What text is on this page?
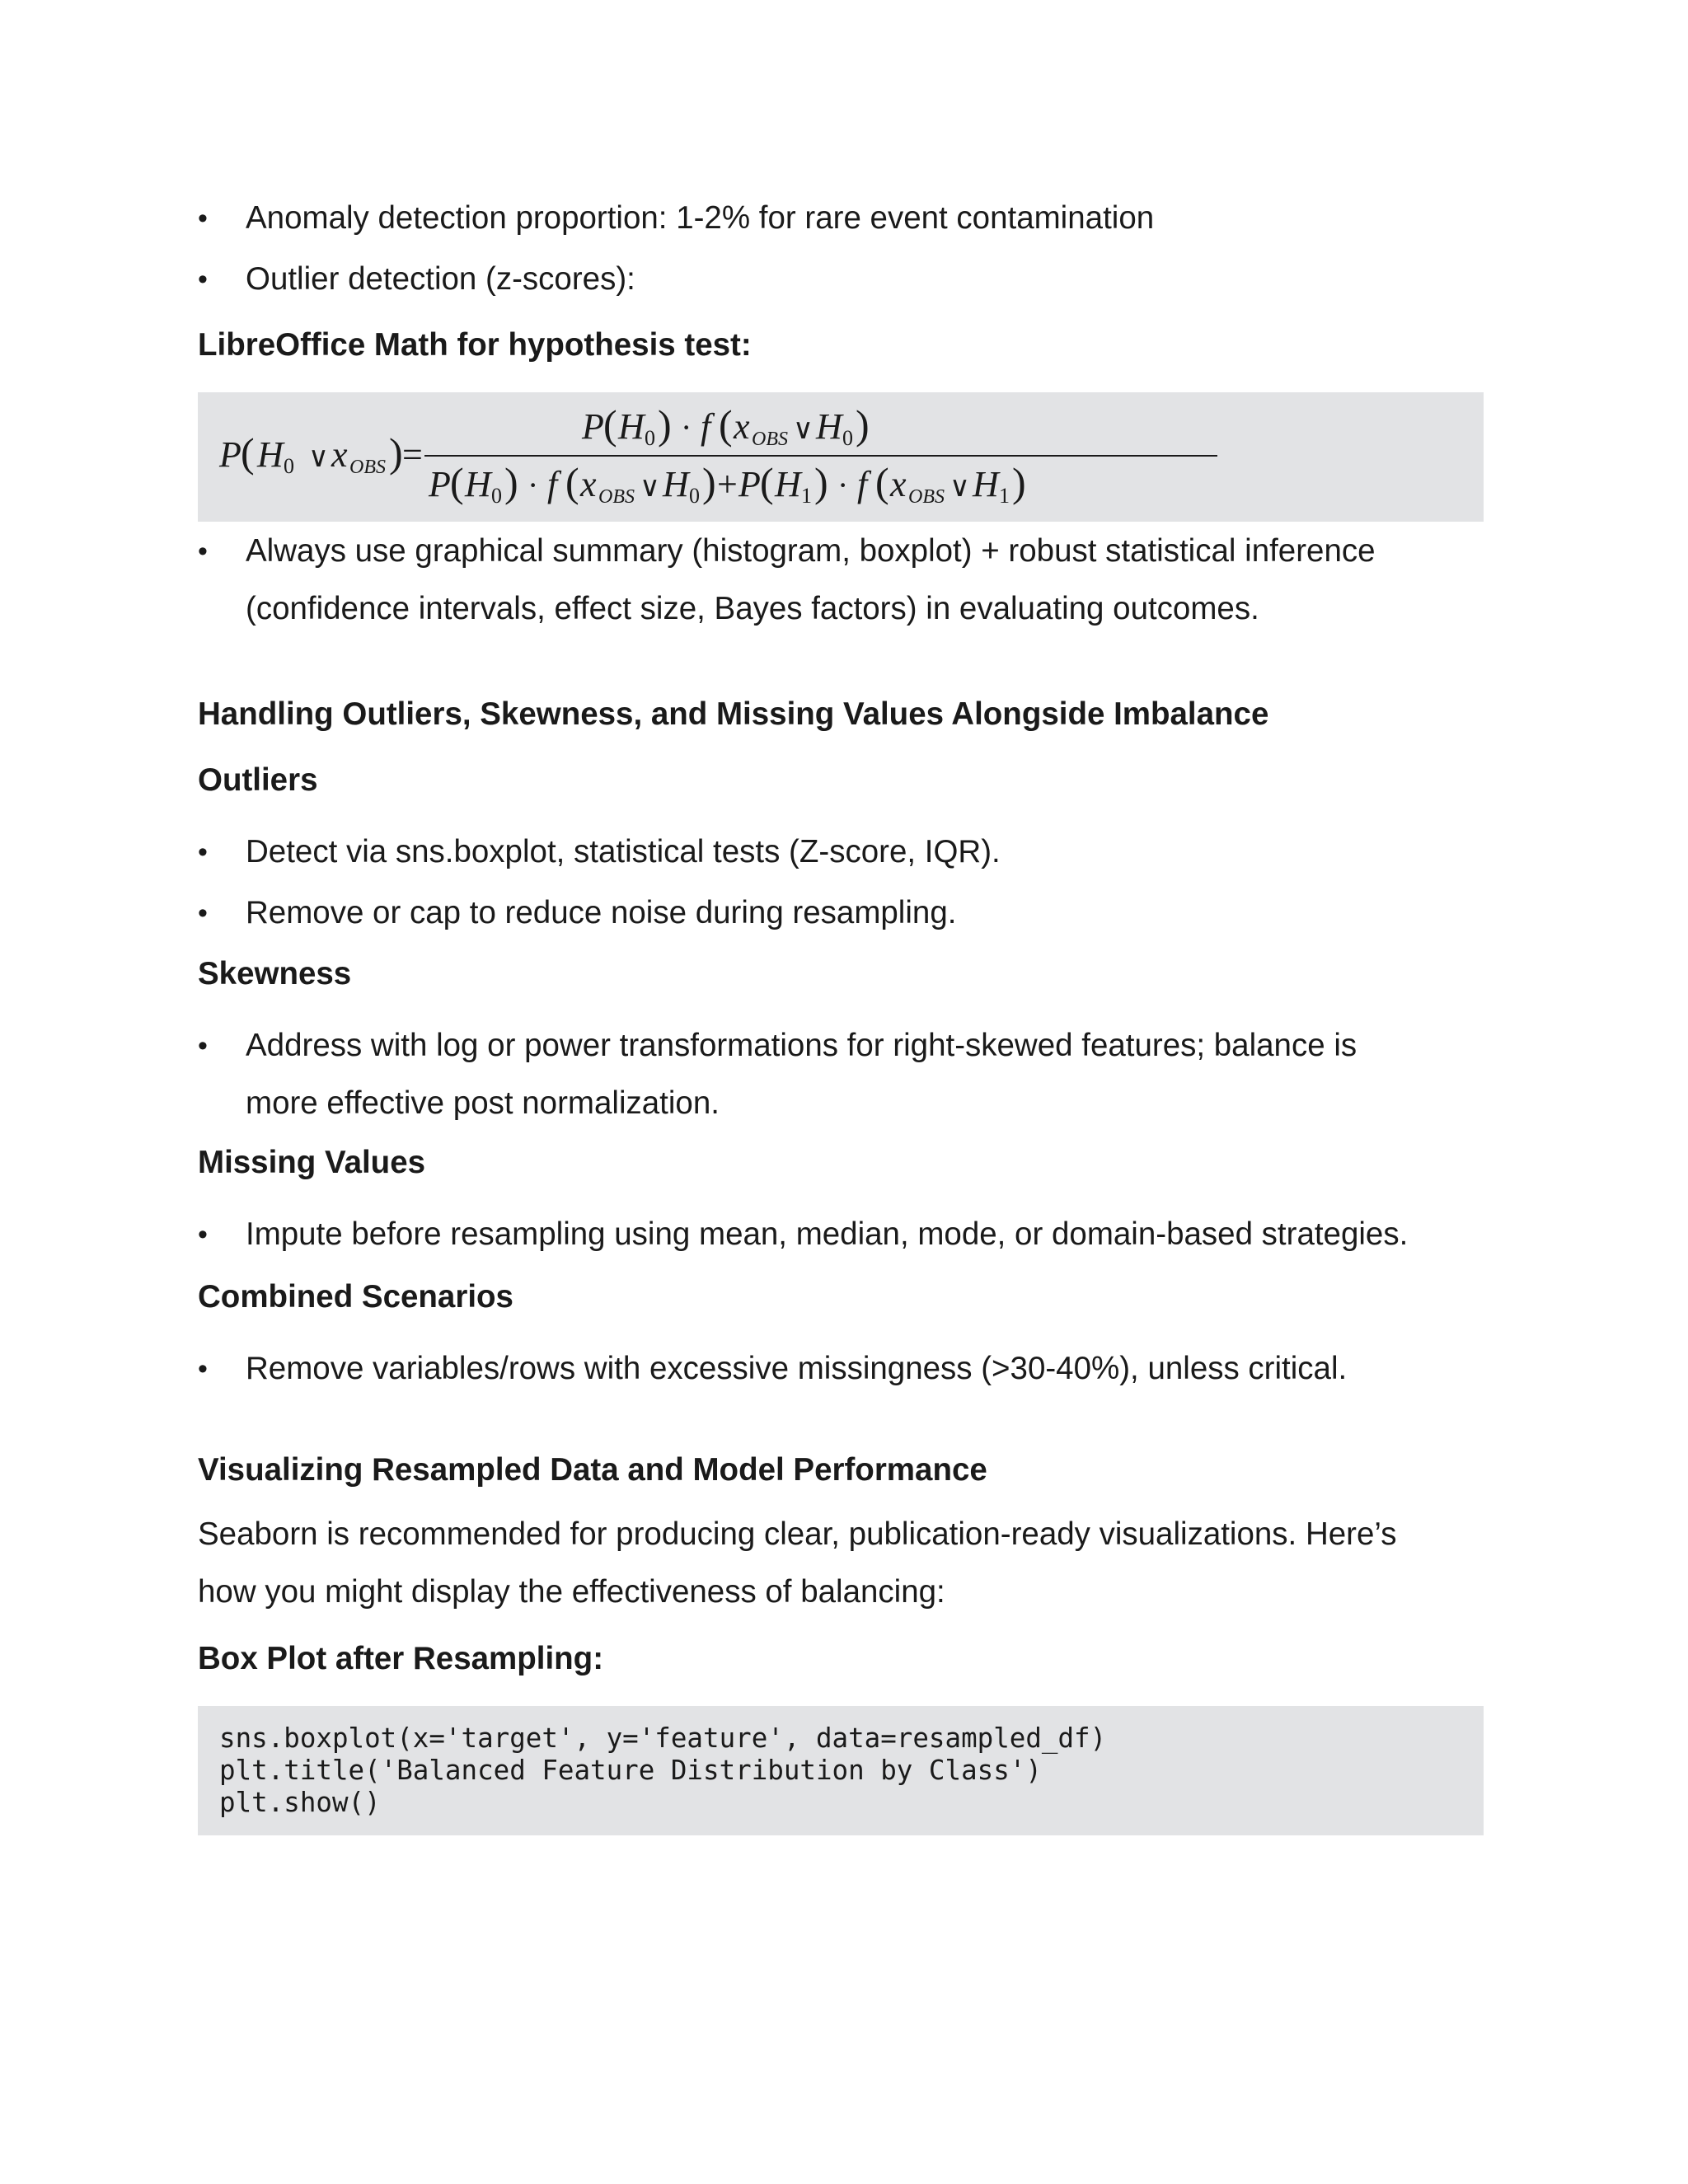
• Anomaly detection proportion: 1-2% for rare event contamination
• Outlier detection (z-scores):
LibreOffice Math for hypothesis test:
P ( H 0 ∨ x OBS ) =
P ( H 0 ) · f ( x OBS ∨ H 0 )
P ( H 0 ) · f ( x OBS ∨ H 0 ) + P ( H 1 ) · f ( x OBS ∨ H 1 )
• Always use graphical summary (histogram, boxplot) + robust statistical inference
(confidence intervals, effect size, Bayes factors) in evaluating outcomes.
Handling Outliers, Skewness, and Missing Values Alongside Imbalance
Outliers
• Detect via sns.boxplot, statistical tests (Z-score, IQR).
• Remove or cap to reduce noise during resampling.
Skewness
• Address with log or power transformations for right-skewed features; balance is
more effective post normalization.
Missing Values
• Impute before resampling using mean, median, mode, or domain-based strategies.
Combined Scenarios
• Remove variables/rows with excessive missingness (>30-40%), unless critical.
Visualizing Resampled Data and Model Performance
Seaborn is recommended for producing clear, publication-ready visualizations. Here’s
how you might display the effectiveness of balancing:
Box Plot after Resampling:
sns.boxplot(x='target', y='feature', data=resampled_df)
plt.title('Balanced Feature Distribution by Class')
plt.show()
